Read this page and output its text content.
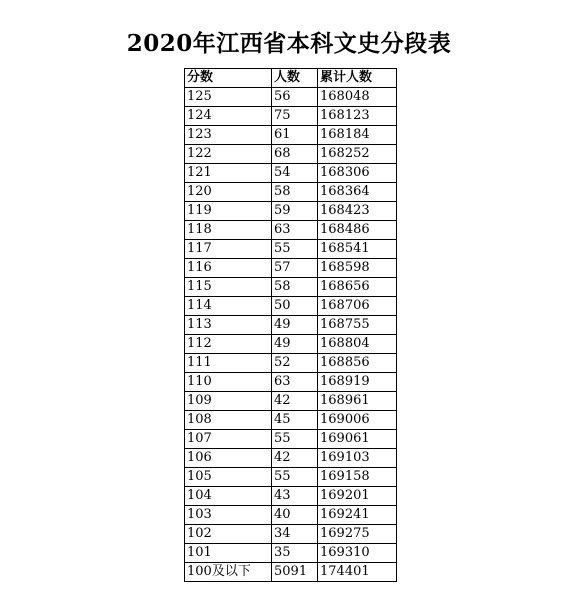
2020年江西省本科文史分段表
分数	人数	累计人数
125	56	168048
124	75	168123
123	61	168184
122	68	168252
121	54	168306
120	58	168364
119	59	168423
118	63	168486
117	55	168541
116	57	168598
115	58	168656
114	50	168706
113	49	168755
112	49	168804
111	52	168856
110	63	168919
109	42	168961
108	45	169006
107	55	169061
106	42	169103
105	55	169158
104	43	169201
103	40	169241
102	34	169275
101	35	169310
100及以下	5091	174401
